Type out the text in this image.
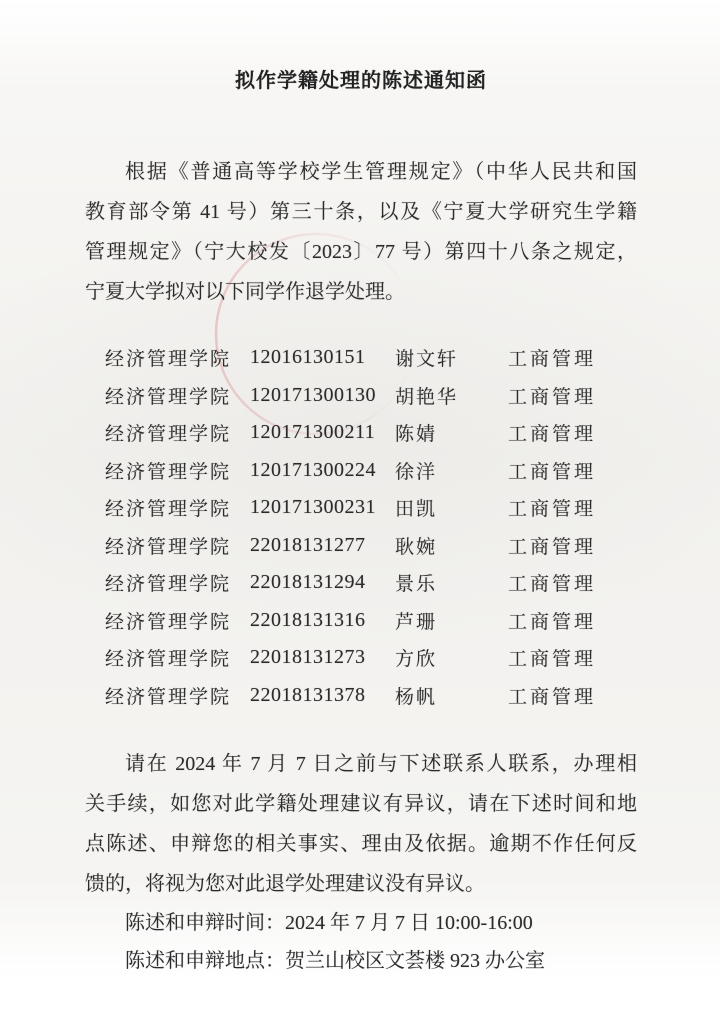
拟作学籍处理的陈述通知函
根据《普通高等学校学生管理规定》（中华人民共和国
教育部令第 41 号）第三十条，以及《宁夏大学研究生学籍
管理规定》（宁大校发〔2023〕77 号）第四十八条之规定，
宁夏大学拟对以下同学作退学处理。
经济管理学院 12016130151	谢文轩	工商管理
经济管理学院 120171300130	胡艳华	工商管理
经济管理学院 120171300211	陈婧	工商管理
经济管理学院 120171300224	徐洋	工商管理
经济管理学院 120171300231	田凯	工商管理
经济管理学院 22018131277	耿婉	工商管理
经济管理学院 22018131294	景乐	工商管理
经济管理学院 22018131316	芦珊	工商管理
经济管理学院 22018131273	方欣	工商管理
经济管理学院 22018131378	杨帆	工商管理
请在 2024 年 7 月 7 日之前与下述联系人联系，办理相
关手续，如您对此学籍处理建议有异议，请在下述时间和地
点陈述、申辩您的相关事实、理由及依据。逾期不作任何反
馈的，将视为您对此退学处理建议没有异议。
陈述和申辩时间：2024 年 7 月 7 日 10:00-16:00
陈述和申辩地点：贺兰山校区文荟楼 923 办公室
